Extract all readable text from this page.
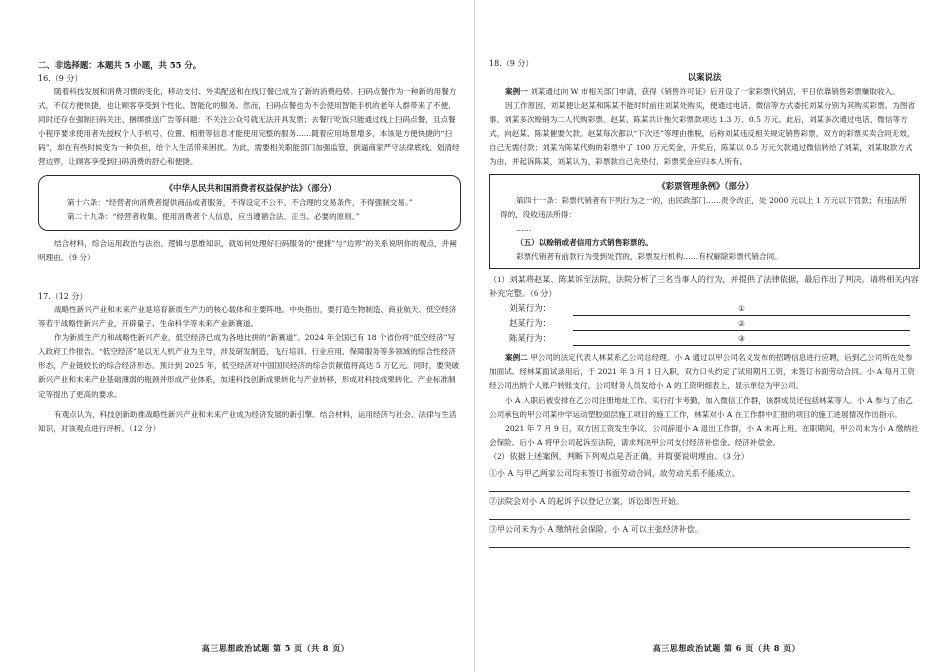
二、非选择题：本题共 5 小题，共 55 分。

16.（9 分）

随着科技发展和消费习惯的变化，移动支付、外卖配送和在线订餐已成为了新的消费趋势。扫码点餐作为一种新的用餐方式，不仅方便快捷，也让顾客享受到个性化、智能化的服务。然而，扫码点餐也为不会使用智能手机的老年人群带来了不便，同时还存在强制扫码关注、捆绑推送广告等问题：不关注公众号就无法开具发票；去餐厅吃饭只能通过线上扫码点餐，且点餐小程序要求使用者先授权个人手机号、位置、相册等信息才能使用完整的服务……随着应用场景增多，本该是方便快捷的“扫码”，却在有些时候变为一种负担，给个人生活带来困扰。为此，需要相关职能部门加强监管，倒逼商家严守法律底线、划清经营边界，让顾客享受到扫码消费的舒心和便捷。

《中华人民共和国消费者权益保护法》（部分）

第十六条：“经营者向消费者提供商品或者服务，不得设定不公平、不合理的交易条件，不得强制交易。”

第二十九条：“经营者收集、使用消费者个人信息，应当遵循合法、正当、必要的原则。”

结合材料，综合运用政治与法治、逻辑与思维知识，就如何处理好扫码服务的“便捷”与“边界”的关系说明你的观点，并阐明理由。（9 分）

17.（12 分）

战略性新兴产业和未来产业是培育新质生产力的核心载体和主要阵地。中央指出，要打造生物制造、商业航天、低空经济等若干战略性新兴产业，开辟量子、生命科学等未来产业新赛道。

作为新质生产力和战略性新兴产业，低空经济已成为各地比拼的“新赛道”。2024 年全国已有 18 个省份将“低空经济”写入政府工作报告。“低空经济”是以无人机产业为主导，涉及研发制造、飞行培训、行业应用、保障服务等多领域的综合性经济形态，产业链较长的综合经济形态。预计到 2025 年，低空经济对中国国民经济的综合贡献值将高达 5 万亿元。同时，要突破新兴产业和未来产业基础薄弱的瓶颈并形成产业体系，加速科技创新成果转化与产业转移，形成对科技成果转化、产业标准制定等提出了更高的要求。

有观点认为，科技创新助推战略性新兴产业和未来产业成为经济发展的新引擎。结合材料，运用经济与社会、法律与生活知识，对该观点进行评析。（12 分）

高三思想政治试题 第 5 页（共 8 页）

18.（9 分）

以案说法

案例一 刘某通过向 W 市相关部门申请，获得《销售许可证》后开设了一家彩票代销店，平日依靠销售彩票赚取收入。

因工作原因，刘某便让赵某和陈某不能时时前往刘某处购买，便通过电话、微信等方式委托刘某分别为其购买彩票。为图省事，刘某多次赊销为二人代购彩票。赵某、陈某共计拖欠彩票款项达 1.3 万、0.5 万元。此后，刘某多次通过电话、微信等方式，向赵某、陈某催要欠款。赵某每次都以“下次还”等理由推脱，后称刘某违反相关规定销售彩票，双方的彩票买卖合同无效，自己无需付款；刘某为陈某代购的彩票中了 100 万元奖金，开奖后，陈某以 0.5 万元欠款通过微信转给了刘某，刘某取款方式为由，并起诉陈某，刘某认为，彩票款自己先垫付，彩票奖金应归本人所有。

《彩票管理条例》（部分）

第四十一条：彩票代销者有下列行为之一的，由民政部门……责令改正，处 2000 元以上 1 万元以下罚款；有违法所得的，没收违法所得：

……

（五）以赊销或者信用方式销售彩票的。

彩票代销者有前款行为受到处罚的，彩票发行机构……有权解除彩票代销合同。

（1）刘某将赵某、陈某诉至法院，法院分析了三名当事人的行为，并提供了法律依据，最后作出了判决。请将相关内容补充完整。（6 分）

刘某行为：	①
赵某行为：	②
陈某行为：	③

案例二 甲公司的法定代表人林某系乙公司总经理。小 A 通过以甲公司名义发布的招聘信息进行应聘，后到乙公司所在处参加面试。经林某面试录用后，于 2021 年 3 月 1 日入职，双方口头约定了试用期月工资，未签订书面劳动合同。小 A 每月工资经公司出纳个人账户转账支付，公司财务人员发给小 A 的工资明细表上，显示单位为甲公司。

小 A 入职后被安排在乙公司注册地址工作。实行打卡考勤，加入微信工作群，该群成员还包括林某等人。小 A 参与了由乙公司承包的甲公司某中学运动塑胶面层施工项目的施工工作，林某对小 A 在工作群中汇报的项目的施工进展情况作出指示。

2021 年 7 月 9 日，双方因工资发生争议，公司辞退小 A 退出工作群，小 A 未再上班。在职期间，甲公司未为小 A 缴纳社会保险。后小 A 将甲公司起诉至法院，请求判决甲公司支付经济补偿金、经济补偿金。

（2）依据上述案例，判断下列观点是否正确，并简要说明理由。（3 分）

①小 A 与甲乙两家公司均未签订书面劳动合同，故劳动关系不能成立。

②法院会对小 A 的起诉予以登记立案，诉讼即告开始。

③甲公司未为小 A 缴纳社会保险，小 A 可以主张经济补偿。

高三思想政治试题 第 6 页（共 8 页）
